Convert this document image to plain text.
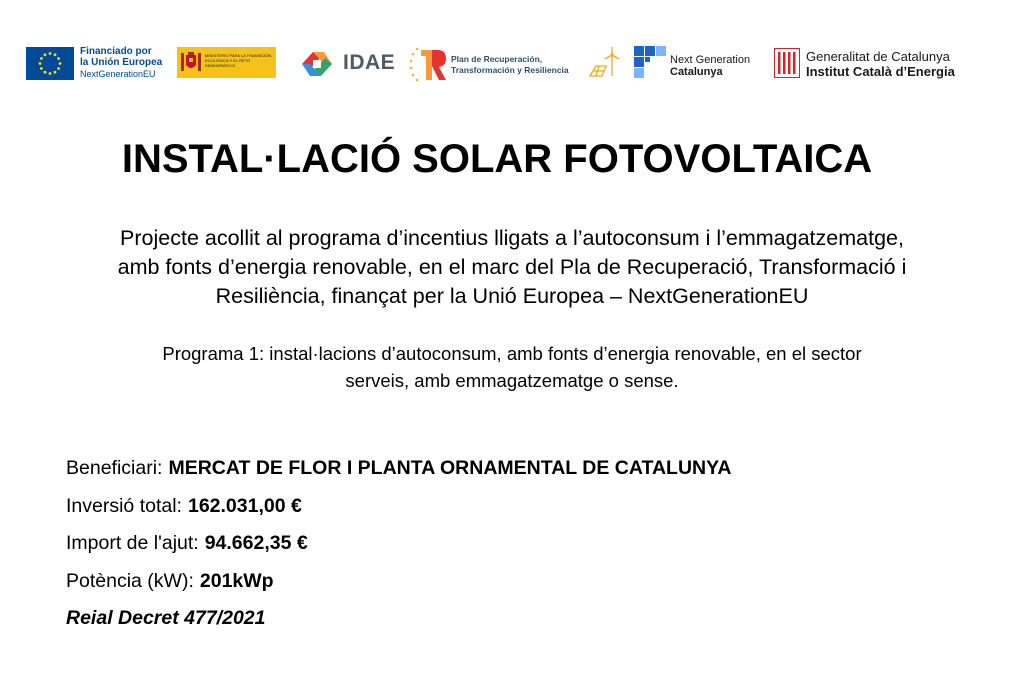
Financiado por
la Unión Europea
NextGenerationEU
MINISTERIO PARA LA TRANSICIÓN ECOLÓGICA Y EL RETO DEMOGRÁFICO	IDAE	Plan de Recuperación,
Transformación y Resiliencia
Next Generation
Catalunya
Generalitat de Catalunya
Institut Català d’Energia
INSTAL·LACIÓ SOLAR FOTOVOLTAICA

Projecte acollit al programa d’incentius lligats a l’autoconsum i l’emmagatzematge,
amb fonts d’energia renovable, en el marc del Pla de Recuperació, Transformació i
Resiliència, finançat per la Unió Europea – NextGenerationEU

Programa 1: instal·lacions d’autoconsum, amb fonts d’energia renovable, en el sector
serveis, amb emmagatzematge o sense.

Beneficiari: MERCAT DE FLOR I PLANTA ORNAMENTAL DE CATALUNYA
Inversió total: 162.031,00 €
Import de l'ajut: 94.662,35 €
Potència (kW): 201kWp
Reial Decret 477/2021
